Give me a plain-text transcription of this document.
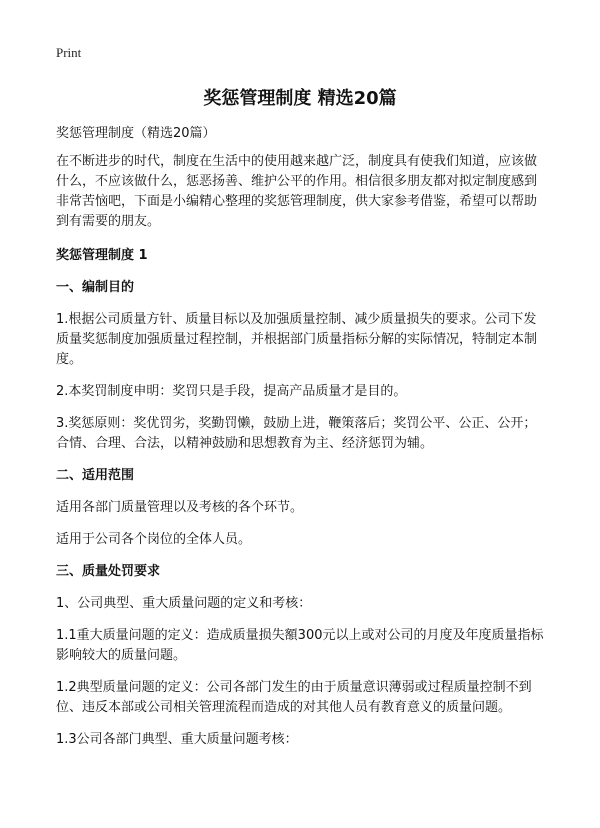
Print
奖惩管理制度 精选20篇
奖惩管理制度（精选20篇）

在不断进步的时代，制度在生活中的使用越来越广泛，制度具有使我们知道，应该做什么，不应该做什么，惩恶扬善、维护公平的作用。相信很多朋友都对拟定制度感到非常苦恼吧，下面是小编精心整理的奖惩管理制度，供大家参考借鉴，希望可以帮助到有需要的朋友。

奖惩管理制度 1
一、编制目的

1.根据公司质量方针、质量目标以及加强质量控制、减少质量损失的要求。公司下发质量奖惩制度加强质量过程控制，并根据部门质量指标分解的实际情况，特制定本制度。

2.本奖罚制度申明：奖罚只是手段，提高产品质量才是目的。

3.奖惩原则：奖优罚劣，奖勤罚懒，鼓励上进，鞭策落后；奖罚公平、公正、公开；合情、合理、合法，以精神鼓励和思想教育为主、经济惩罚为辅。

二、适用范围

适用各部门质量管理以及考核的各个环节。

适用于公司各个岗位的全体人员。

三、质量处罚要求

1、公司典型、重大质量问题的定义和考核：

1.1重大质量问题的定义：造成质量损失額300元以上或对公司的月度及年度质量指标影响较大的质量问题。

1.2典型质量问题的定义：公司各部门发生的由于质量意识薄弱或过程质量控制不到位、违反本部或公司相关管理流程而造成的对其他人员有教育意义的质量问题。

1.3公司各部门典型、重大质量问题考核：
